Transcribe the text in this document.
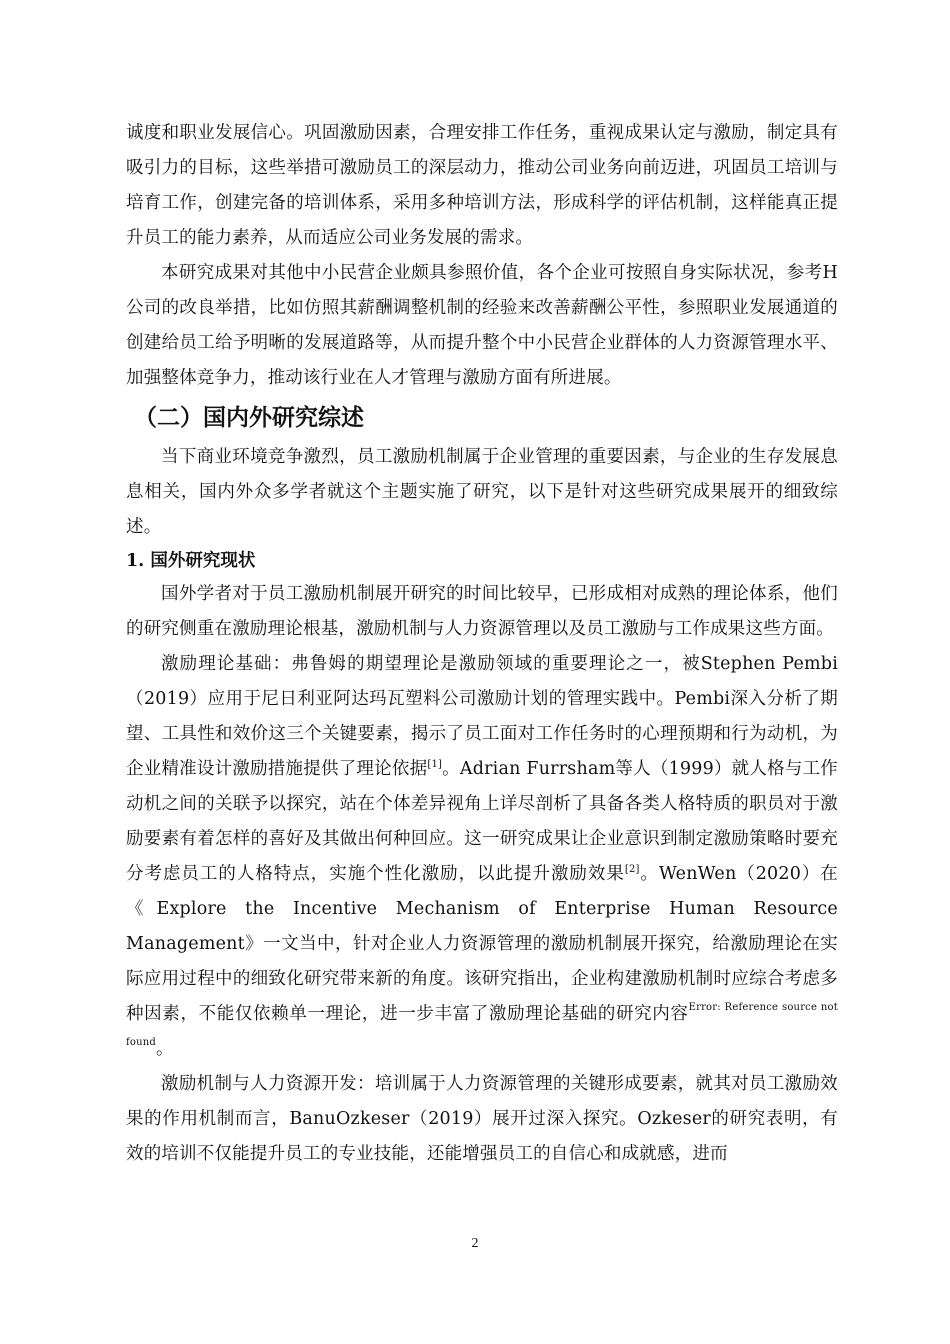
诚度和职业发展信心。巩固激励因素，合理安排工作任务，重视成果认定与激励，制定具有吸引力的目标，这些举措可激励员工的深层动力，推动公司业务向前迈进，巩固员工培训与培育工作，创建完备的培训体系，采用多种培训方法，形成科学的评估机制，这样能真正提升员工的能力素养，从而适应公司业务发展的需求。

本研究成果对其他中小民营企业颇具参照价值，各个企业可按照自身实际状况，参考H公司的改良举措，比如仿照其薪酬调整机制的经验来改善薪酬公平性，参照职业发展通道的创建给员工给予明晰的发展道路等，从而提升整个中小民营企业群体的人力资源管理水平、加强整体竞争力，推动该行业在人才管理与激励方面有所进展。

（二）国内外研究综述

当下商业环境竞争激烈，员工激励机制属于企业管理的重要因素，与企业的生存发展息息相关，国内外众多学者就这个主题实施了研究，以下是针对这些研究成果展开的细致综述。

1. 国外研究现状

国外学者对于员工激励机制展开研究的时间比较早，已形成相对成熟的理论体系，他们的研究侧重在激励理论根基，激励机制与人力资源管理以及员工激励与工作成果这些方面。

激励理论基础：弗鲁姆的期望理论是激励领域的重要理论之一，被Stephen Pembi（2019）应用于尼日利亚阿达玛瓦塑料公司激励计划的管理实践中。Pembi深入分析了期望、工具性和效价这三个关键要素，揭示了员工面对工作任务时的心理预期和行为动机，为企业精准设计激励措施提供了理论依据[1]。Adrian Furrsham等人（1999）就人格与工作动机之间的关联予以探究，站在个体差异视角上详尽剖析了具备各类人格特质的职员对于激励要素有着怎样的喜好及其做出何种回应。这一研究成果让企业意识到制定激励策略时要充分考虑员工的人格特点，实施个性化激励，以此提升激励效果[2]。WenWen（2020）在《Explore the Incentive Mechanism of Enterprise Human Resource Management》一文当中，针对企业人力资源管理的激励机制展开探究，给激励理论在实际应用过程中的细致化研究带来新的角度。该研究指出，企业构建激励机制时应综合考虑多种因素，不能仅依赖单一理论，进一步丰富了激励理论基础的研究内容$^{Error: Reference source not found}$。

激励机制与人力资源开发：培训属于人力资源管理的关键形成要素，就其对员工激励效果的作用机制而言，BanuOzkeser（2019）展开过深入探究。Ozkeser的研究表明，有效的培训不仅能提升员工的专业技能，还能增强员工的自信心和成就感，进而

2
